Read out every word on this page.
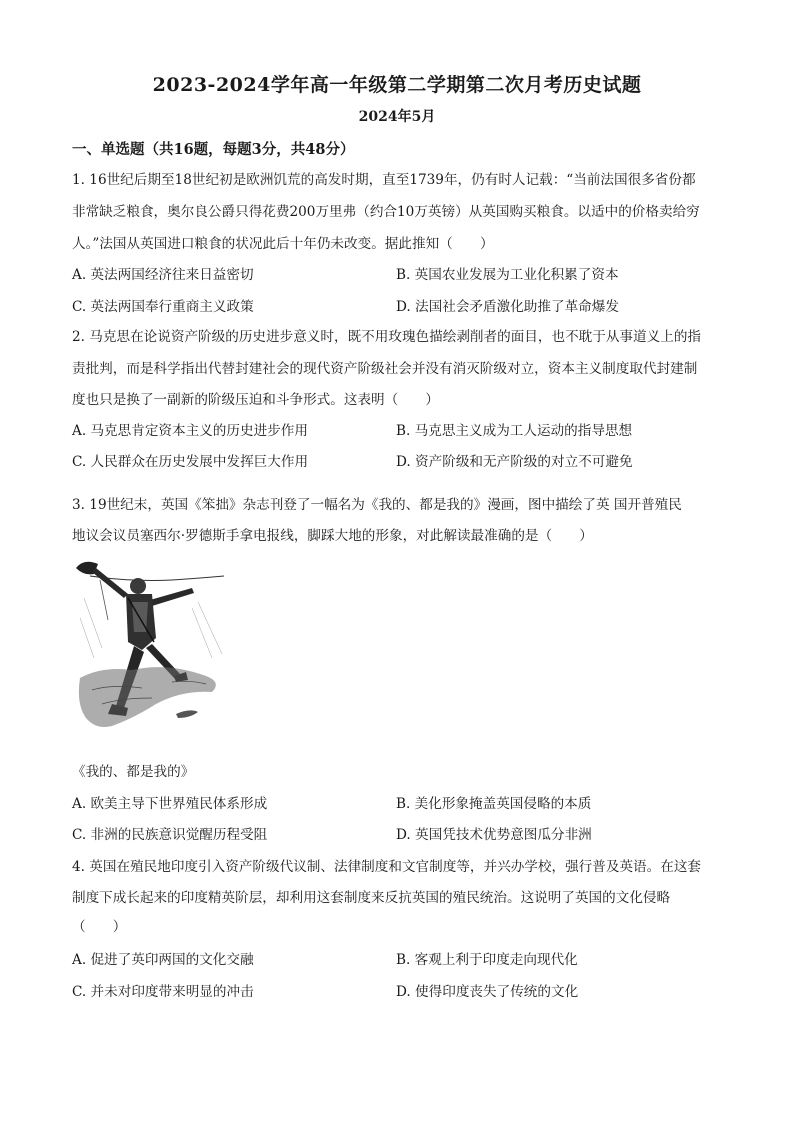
2023-2024学年高一年级第二学期第二次月考历史试题
2024年5月
一、单选题（共16题，每题3分，共48分）
1. 16世纪后期至18世纪初是欧洲饥荒的高发时期，直至1739年，仍有时人记载：“当前法国很多省份都
非常缺乏粮食，奥尔良公爵只得花费200万里弗（约合10万英镑）从英国购买粮食。以适中的价格卖给穷
人。”法国从英国进口粮食的状况此后十年仍未改变。据此推知（　　）
A. 英法两国经济往来日益密切	B. 英国农业发展为工业化积累了资本
C. 英法两国奉行重商主义政策	D. 法国社会矛盾激化助推了革命爆发
2. 马克思在论说资产阶级的历史进步意义时，既不用玫瑰色描绘剥削者的面目，也不耽于从事道义上的指
责批判，而是科学指出代替封建社会的现代资产阶级社会并没有消灭阶级对立，资本主义制度取代封建制
度也只是换了一副新的阶级压迫和斗争形式。这表明（　　）
A. 马克思肯定资本主义的历史进步作用	B. 马克思主义成为工人运动的指导思想
C. 人民群众在历史发展中发挥巨大作用	D. 资产阶级和无产阶级的对立不可避免
3. 19世纪末，英国《笨拙》杂志刊登了一幅名为《我的、都是我的》漫画，图中描绘了英 国开普殖民
地议会议员塞西尔·罗德斯手拿电报线，脚踩大地的形象，对此解读最准确的是（　　）
《我的、都是我的》
A. 欧美主导下世界殖民体系形成	B. 美化形象掩盖英国侵略的本质
C. 非洲的民族意识觉醒历程受阻	D. 英国凭技术优势意图瓜分非洲
4. 英国在殖民地印度引入资产阶级代议制、法律制度和文官制度等，并兴办学校，强行普及英语。在这套
制度下成长起来的印度精英阶层，却利用这套制度来反抗英国的殖民统治。这说明了英国的文化侵略
（　　）
A. 促进了英印两国的文化交融	B. 客观上利于印度走向现代化
C. 并未对印度带来明显的冲击	D. 使得印度丧失了传统的文化
